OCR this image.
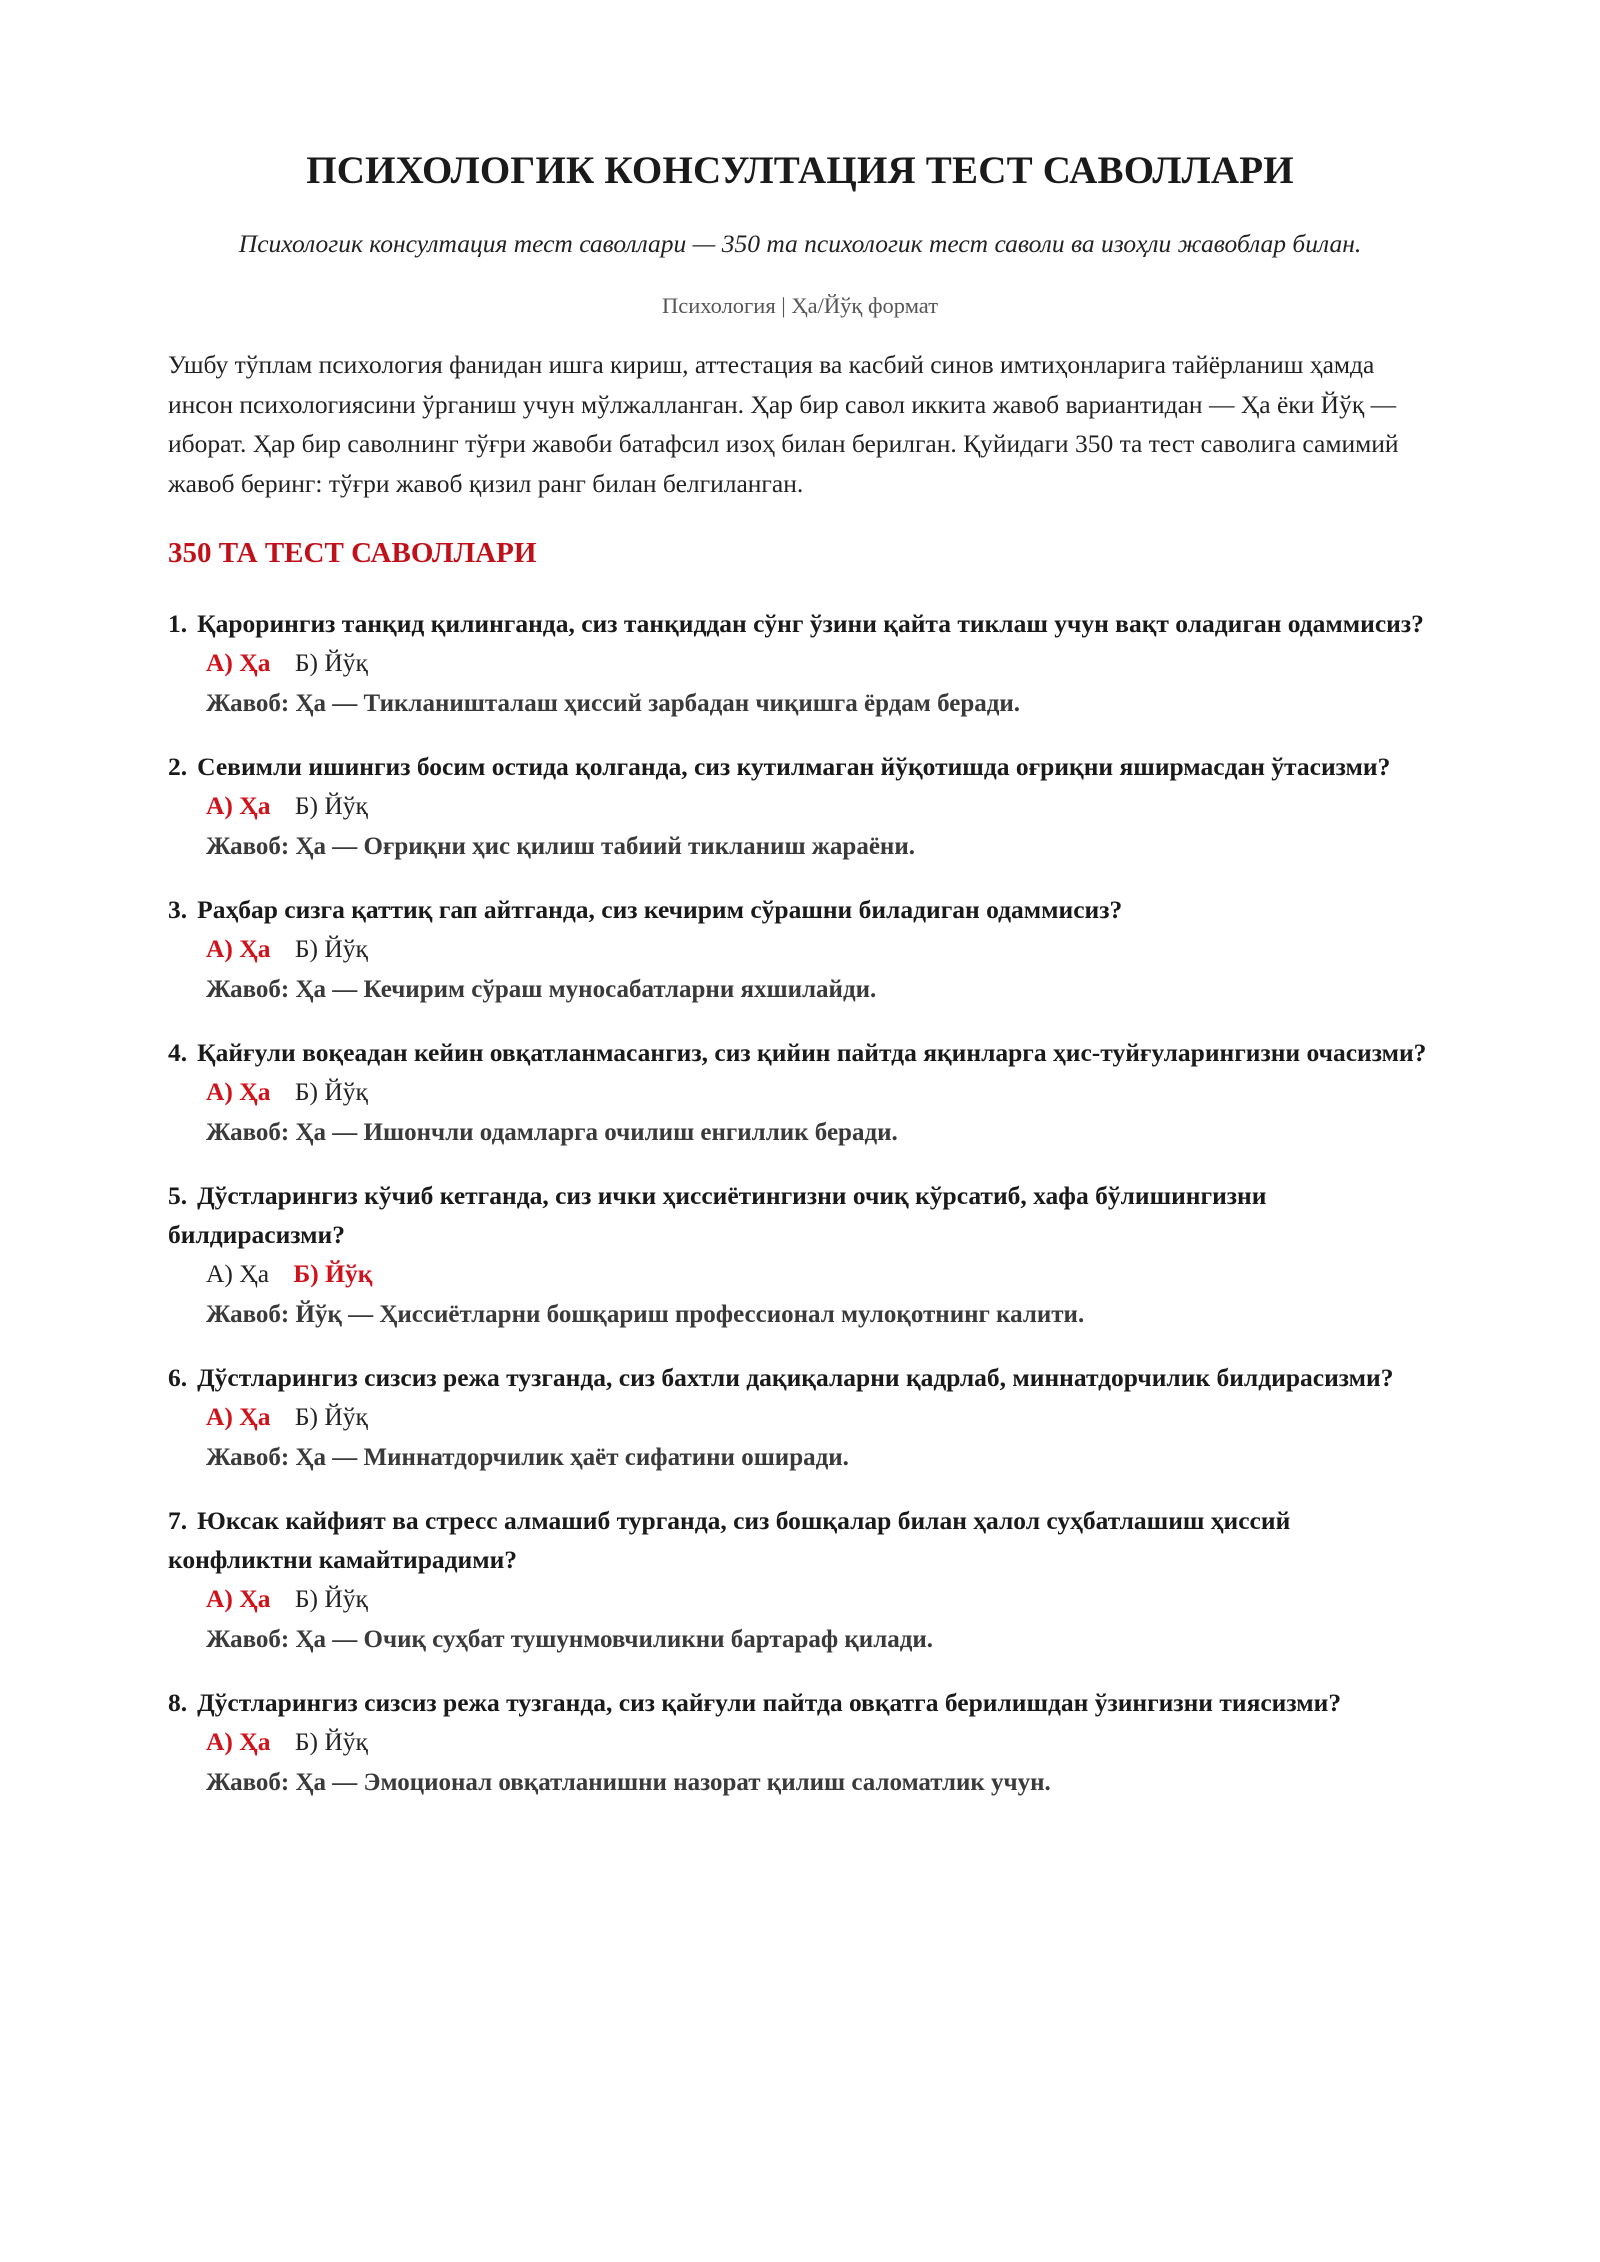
ПСИХОЛОГИК КОНСУЛТАЦИЯ ТЕСТ САВОЛЛАРИ

Психологик консултация тест саволлари — 350 та психологик тест саволи ва изоҳли жавоблар билан.

Психология | Ҳа/Йўқ формат

Ушбу тўплам психология фанидан ишга кириш, аттестация ва касбий синов имтиҳонларига тайёрланиш ҳамда инсон психологиясини ўрганиш учун мўлжалланган. Ҳар бир савол иккита жавоб вариантидан — Ҳа ёки Йўқ — иборат. Ҳар бир саволнинг тўғри жавоби батафсил изоҳ билан берилган. Қуйидаги 350 та тест саволига самимий жавоб беринг: тўғри жавоб қизил ранг билан белгиланган.

350 ТА ТЕСТ САВОЛЛАРИ
1. Қарорингиз танқид қилинганда, сиз танқиддан сўнг ўзини қайта тиклаш учун вақт оладиган одаммисиз?
А) Ҳа Б) Йўқ
Жавоб: Ҳа — Тикланишталаш ҳиссий зарбадан чиқишга ёрдам беради.
2. Севимли ишингиз босим остида қолганда, сиз кутилмаган йўқотишда оғриқни яширмасдан ўтасизми?
А) Ҳа Б) Йўқ
Жавоб: Ҳа — Оғриқни ҳис қилиш табиий тикланиш жараёни.
3. Раҳбар сизга қаттиқ гап айтганда, сиз кечирим сўрашни биладиган одаммисиз?
А) Ҳа Б) Йўқ
Жавоб: Ҳа — Кечирим сўраш муносабатларни яхшилайди.
4. Қайғули воқеадан кейин овқатланмасангиз, сиз қийин пайтда яқинларга ҳис-туйғуларингизни очасизми?
А) Ҳа Б) Йўқ
Жавоб: Ҳа — Ишончли одамларга очилиш енгиллик беради.
5. Дўстларингиз кўчиб кетганда, сиз ички ҳиссиётингизни очиқ кўрсатиб, хафа бўлишингизни билдирасизми?
А) Ҳа Б) Йўқ
Жавоб: Йўқ — Ҳиссиётларни бошқариш профессионал мулоқотнинг калити.
6. Дўстларингиз сизсиз режа тузганда, сиз бахтли дақиқаларни қадрлаб, миннатдорчилик билдирасизми?
А) Ҳа Б) Йўқ
Жавоб: Ҳа — Миннатдорчилик ҳаёт сифатини оширади.
7. Юксак кайфият ва стресс алмашиб турганда, сиз бошқалар билан ҳалол суҳбатлашиш ҳиссий конфликтни камайтирадими?
А) Ҳа Б) Йўқ
Жавоб: Ҳа — Очиқ суҳбат тушунмовчиликни бартараф қилади.
8. Дўстларингиз сизсиз режа тузганда, сиз қайғули пайтда овқатга берилишдан ўзингизни тиясизми?
А) Ҳа Б) Йўқ
Жавоб: Ҳа — Эмоционал овқатланишни назорат қилиш саломатлик учун.
